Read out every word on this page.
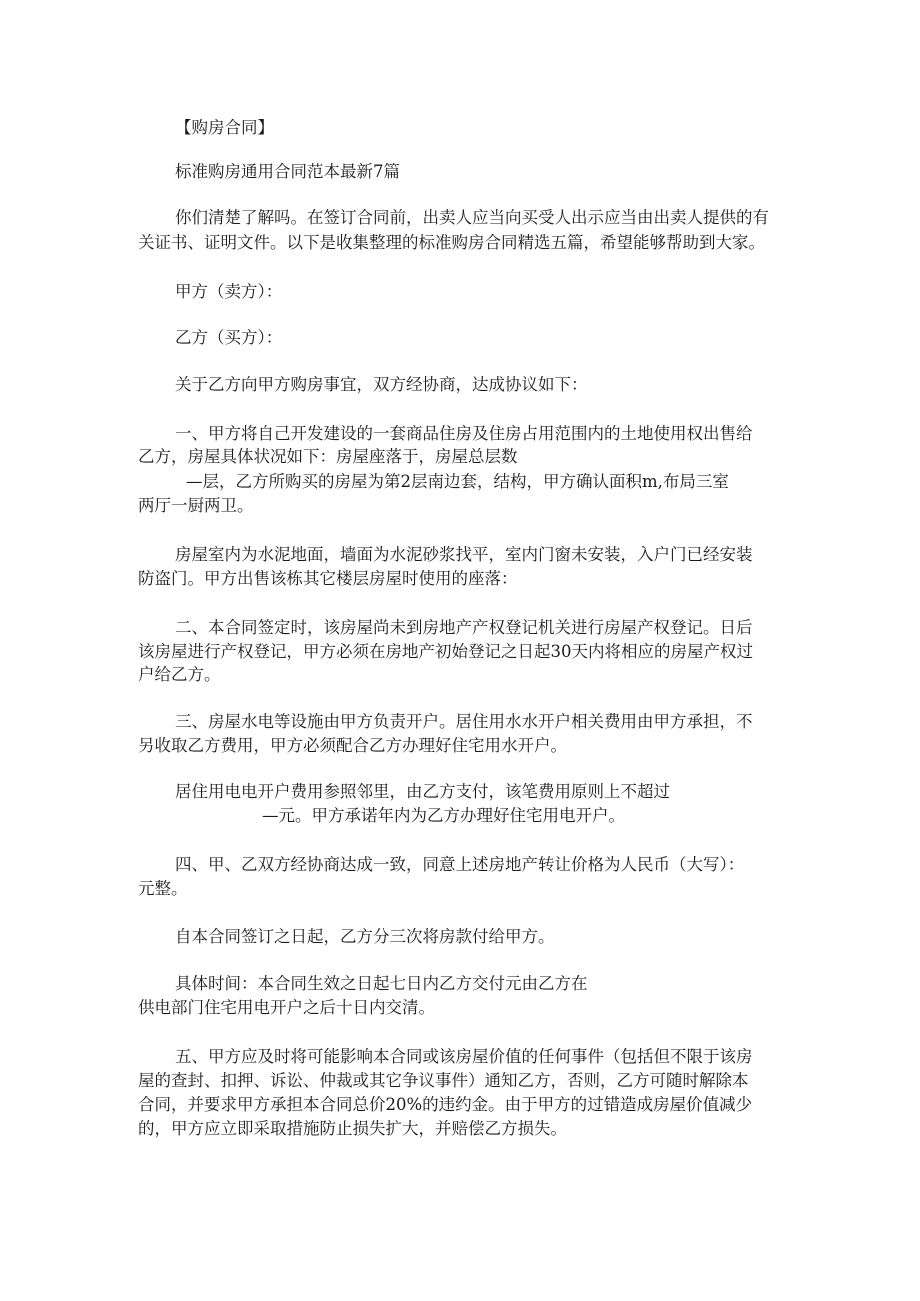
【购房合同】
标准购房通用合同范本最新7篇
你们清楚了解吗。在签订合同前，出卖人应当向买受人出示应当由出卖人提供的有
关证书、证明文件。以下是收集整理的标准购房合同精选五篇，希望能够帮助到大家。
甲方（卖方）：
乙方（买方）：
关于乙方向甲方购房事宜，双方经协商，达成协议如下：
一、甲方将自己开发建设的一套商品住房及住房占用范围内的土地使用权出售给
乙方，房屋具体状况如下：房屋座落于，房屋总层数
—层，乙方所购买的房屋为第2层南边套，结构，甲方确认面积m,布局三室
两厅一厨两卫。
房屋室内为水泥地面，墙面为水泥砂浆找平，室内门窗未安装，入户门已经安装
防盗门。甲方出售该栋其它楼层房屋时使用的座落：
二、本合同签定时，该房屋尚未到房地产产权登记机关进行房屋产权登记。日后
该房屋进行产权登记，甲方必须在房地产初始登记之日起30天内将相应的房屋产权过
户给乙方。
三、房屋水电等设施由甲方负责开户。居住用水水开户相关费用由甲方承担，不
另收取乙方费用，甲方必须配合乙方办理好住宅用水开户。
居住用电电开户费用参照邻里，由乙方支付，该笔费用原则上不超过
—元。甲方承诺年内为乙方办理好住宅用电开户。
四、甲、乙双方经协商达成一致，同意上述房地产转让价格为人民币（大写）：
元整。
自本合同签订之日起，乙方分三次将房款付给甲方。
具体时间：本合同生效之日起七日内乙方交付元由乙方在
供电部门住宅用电开户之后十日内交清。
五、甲方应及时将可能影响本合同或该房屋价值的任何事件（包括但不限于该房
屋的查封、扣押、诉讼、仲裁或其它争议事件）通知乙方，否则，乙方可随时解除本
合同，并要求甲方承担本合同总价20%的违约金。由于甲方的过错造成房屋价值减少
的，甲方应立即采取措施防止损失扩大，并赔偿乙方损失。
